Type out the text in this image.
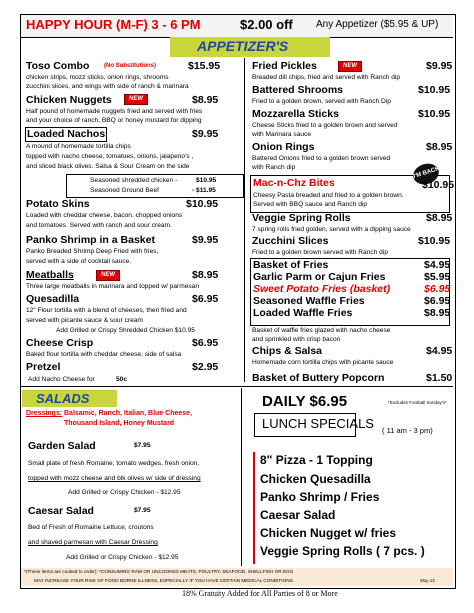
HAPPY HOUR (M-F) 3 - 6 PM	$2.00 off Any Appetizer ($5.95 & UP)
APPETIZER'S
Toso Combo (No Substitutions)	$15.95
chicken strips, mozz sticks, onion rings, shrooms
zucchini slices, and wings with side of ranch & marinara
Chicken Nuggets	NEW	$8.95
Half pound of homemade nuggets fried and served with fries
and your choice of ranch, BBQ or honey mustard for dipping
Loaded Nachos	$9.95
A mound of homemade tortilla chips
topped with nacho cheese, tomatoes, onions, jalapeno's ,
and sliced black olives. Salsa & Sour Cream on the side
Seasoned shredded chicken -	$10.95
Seasoned Ground Beef	- $11.95
Potato Skins	$10.95
Loaded with cheddar cheese, bacon, chopped onions
and tomatoes. Served with ranch and sour cream.
Panko Shrimp in a Basket	$9.95
Panko Breaded Shrimp Deep Fried with fries,
served with a side of cocktail sauce.
Meatballs	NEW	$8.95
Three large meatballs in marinara and topped w/ parmesan
Quesadilla	$6.95
12" Flour tortilla with a blend of cheeses, then fried and
served with picante sauce & sour cream
Add Grilled or Crispy Shredded Chicken $10.95
Cheese Crisp	$6.95
Baked flour tortilla with cheddar cheese, side of salsa
Pretzel	$2.95
Add Nacho Cheese for	50c
Fried Pickles	NEW	$9.95
Breaded dill chips, fried and served with Ranch dip
Battered Shrooms	$10.95
Fried to a golden brown, served with Ranch Dip
Mozzarella Sticks	$10.95
Cheese Sticks fried to a golden brown and served
with Marinara sauce
Onion Rings	$8.95
Battered Onions fried to a golden brown served
with Ranch dip
Mac-n-Chz Bites
I'M BACK
$10.95
Cheesy Pasta breaded and fried to a golden brown.
Served with BBQ sauce and Ranch dip
Veggie Spring Rolls	$8.95
7 spring rolls fried golden, served with a dipping sauce
Zucchini Slices	$10.95
Fried to a golden brown served with Ranch dip
Basket of Fries	$4.95
Garlic Parm or Cajun Fries	$5.95
Sweet Potato Fries (basket)	$6.95
Seasoned Waffle Fries	$6.95
Loaded Waffle Fries	$8.95
Basket of waffle fries glazed with nacho cheese
and sprinkled with crisp bacon
Chips & Salsa	$4.95
Homemade corn tortilla chips with picante sauce
Basket of Buttery Popcorn	$1.50
SALADS
Dressings: Balsamic, Ranch, Italian, Blue Cheese,
Thousand Island, Honey Mustard
Garden Salad	$7.95
Small plate of fresh Romaine, tomato wedges, fresh onion,
topped with mozz cheese and blk olives w/ side of dressing
Add Grilled or Crispy Chicken - $12.95
Caesar Salad	$7.95
Bed of Fresh of Romaine Lettuce, croutons
and shaved parmesan with Caesar Dressing
Add Grilled or Crispy Chicken - $12.95
DAILY $6.95	*Excludes Football Sunday's*
LUNCH SPECIALS ( 11 am - 3 pm)
8" Pizza - 1 Topping
Chicken Quesadilla
Panko Shrimp / Fries
Caesar Salad
Chicken Nugget w/ fries
Veggie Spring Rolls ( 7 pcs. )
*(These items are cooked to order): *CONSUMING RAW OR UNCOOKED MEATS, POULTRY, SEAFOOD, SHELLFISH OR EGG
MAY INCREASE YOUR RISK OF FOOD BORNE ILLNESS, ESPECIALLY IF YOU HAVE CERTAIN MEDICAL CONDITIONS.	May-21
18% Gratuity Added for All Parties of 8 or More
